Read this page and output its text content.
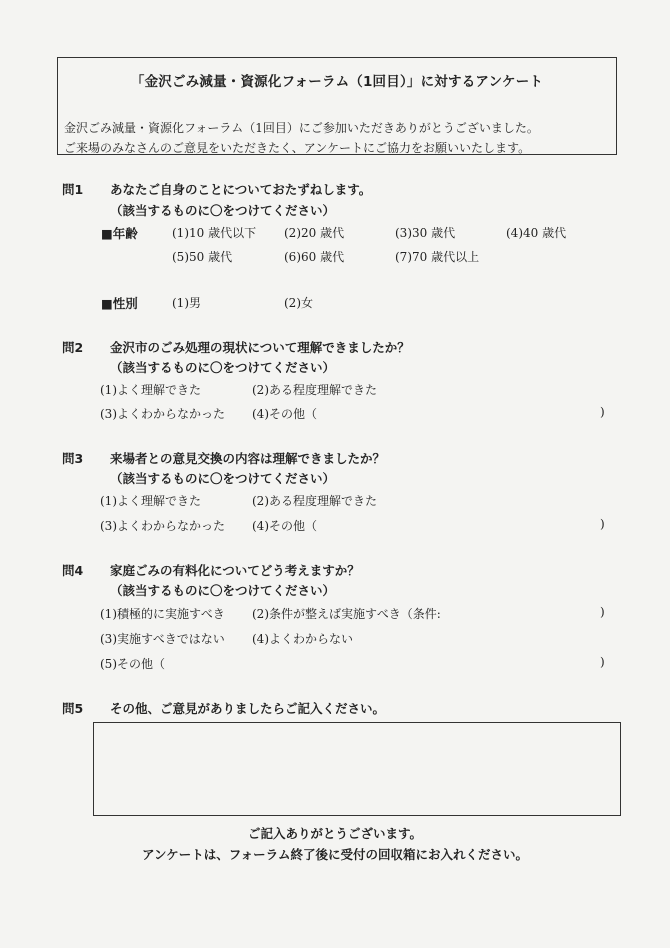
「金沢ごみ減量・資源化フォーラム（1回目）」に対するアンケート
金沢ごみ減量・資源化フォーラム（1回目）にご参加いただきありがとうございました。
ご来場のみなさんのご意見をいただきたく、アンケートにご協力をお願いいたします。
問1 あなたご自身のことについておたずねします。
（該当するものに〇をつけてください）
■年齢	(1)10 歳代以下 (2)20 歳代	(3)30 歳代	(4)40 歳代
(5)50 歳代	(6)60 歳代	(7)70 歳代以上
■性別	(1)男	(2)女
問2 金沢市のごみ処理の現状について理解できましたか？
（該当するものに〇をつけてください）
(1)よく理解できた	(2)ある程度理解できた
(3)よくわからなかった (4)その他（	)
問3 来場者との意見交換の内容は理解できましたか？
（該当するものに〇をつけてください）
(1)よく理解できた	(2)ある程度理解できた
(3)よくわからなかった (4)その他（	)
問4 家庭ごみの有料化についてどう考えますか？
（該当するものに〇をつけてください）
(1)積極的に実施すべき (2)条件が整えば実施すべき（条件:	)
(3)実施すべきではない (4)よくわからない
(5)その他（	)
問5 その他、ご意見がありましたらご記入ください。
ご記入ありがとうございます。
アンケートは、フォーラム終了後に受付の回収箱にお入れください。
